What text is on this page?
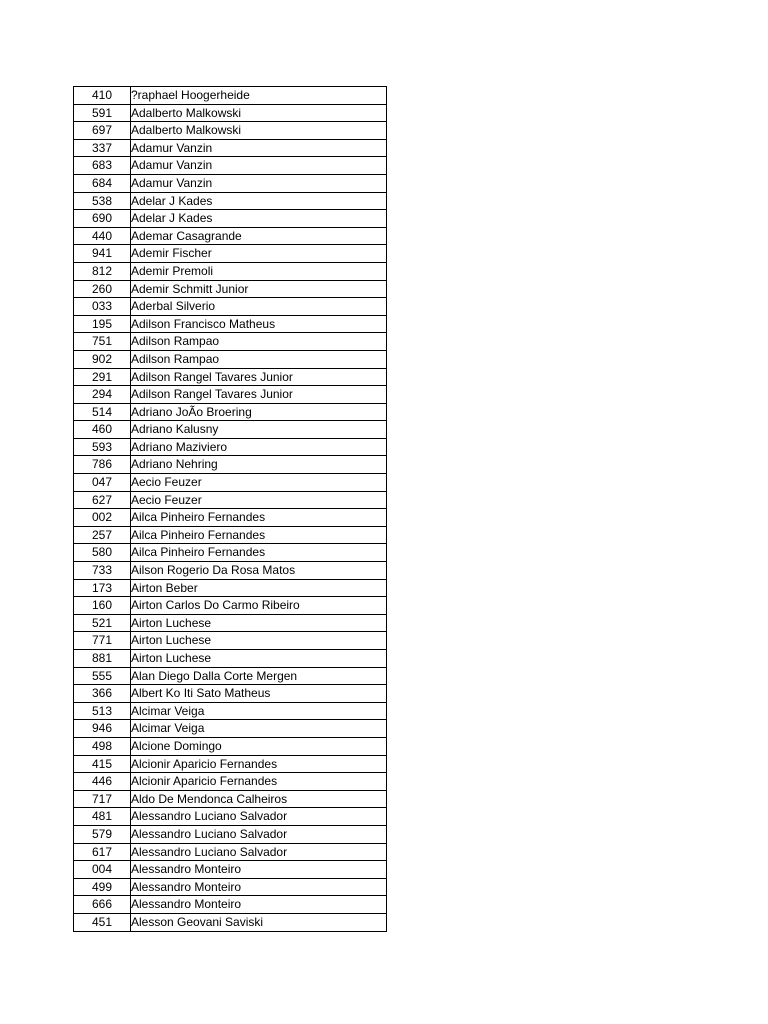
410	?raphael Hoogerheide
591	Adalberto Malkowski
697	Adalberto Malkowski
337	Adamur Vanzin
683	Adamur Vanzin
684	Adamur Vanzin
538	Adelar J Kades
690	Adelar J Kades
440	Ademar Casagrande
941	Ademir Fischer
812	Ademir Premoli
260	Ademir Schmitt Junior
033	Aderbal Silverio
195	Adilson Francisco Matheus
751	Adilson Rampao
902	Adilson Rampao
291	Adilson Rangel Tavares Junior
294	Adilson Rangel Tavares Junior
514	Adriano JoÃo Broering
460	Adriano Kalusny
593	Adriano Maziviero
786	Adriano Nehring
047	Aecio Feuzer
627	Aecio Feuzer
002	Ailca Pinheiro Fernandes
257	Ailca Pinheiro Fernandes
580	Ailca Pinheiro Fernandes
733	Ailson Rogerio Da Rosa Matos
173	Airton Beber
160	Airton Carlos Do Carmo Ribeiro
521	Airton Luchese
771	Airton Luchese
881	Airton Luchese
555	Alan Diego Dalla Corte Mergen
366	Albert Ko Iti Sato Matheus
513	Alcimar Veiga
946	Alcimar Veiga
498	Alcione Domingo
415	Alcionir Aparicio Fernandes
446	Alcionir Aparicio Fernandes
717	Aldo De Mendonca Calheiros
481	Alessandro Luciano Salvador
579	Alessandro Luciano Salvador
617	Alessandro Luciano Salvador
004	Alessandro Monteiro
499	Alessandro Monteiro
666	Alessandro Monteiro
451	Alesson Geovani Saviski
